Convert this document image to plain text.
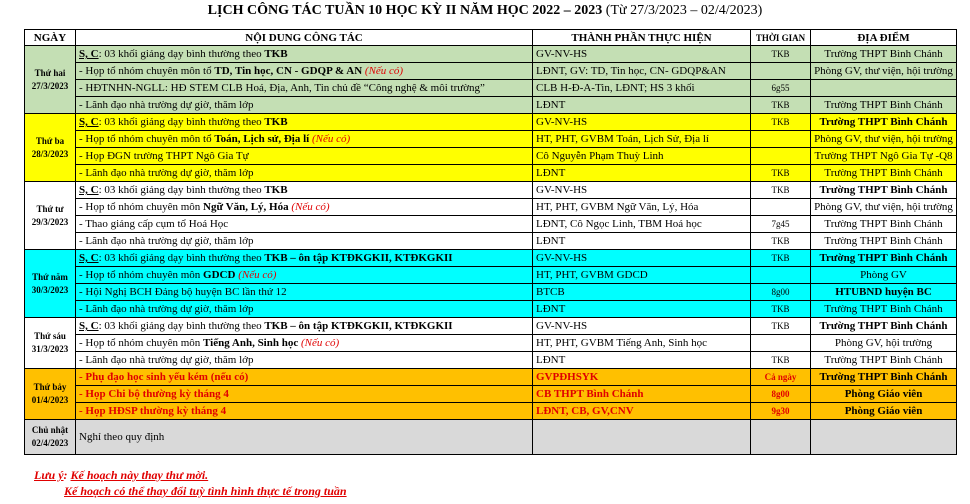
LỊCH CÔNG TÁC TUẦN 10 HỌC KỲ II NĂM HỌC 2022 – 2023 (Từ 27/3/2023 – 02/4/2023)
NGÀY	NỘI DUNG CÔNG TÁC	THÀNH PHẦN THỰC HIỆN	THỜI GIAN	ĐỊA ĐIỂM

Thứ hai
27/3/2023	S, C: 03 khối giảng dạy bình thường theo TKB	GV-NV-HS	TKB	Trường THPT Bình Chánh
	- Họp tổ nhóm chuyên môn tổ TD, Tin học, CN - GDQP & AN (Nếu có)	LĐNT, GV: TD, Tin học, CN- GDQP&AN		Phòng GV, thư viện, hội trường
	- HĐTNHN-NGLL: HĐ STEM CLB Hoá, Địa, Anh, Tin chủ đề “Công nghệ & môi trường”	CLB H-Đ-A-Tin, LĐNT; HS 3 khối	6g55	
	- Lãnh đạo nhà trường dự giờ, thăm lớp	LĐNT	TKB	Trường THPT Bình Chánh

Thứ ba
28/3/2023	S, C: 03 khối giảng dạy bình thường theo TKB	GV-NV-HS	TKB	Trường THPT Bình Chánh
	- Họp tổ nhóm chuyên môn tổ Toán, Lịch sử, Địa lí (Nếu có)	HT, PHT, GVBM Toán, Lịch Sử, Địa lí		Phòng GV, thư viện, hội trường
	- Họp ĐGN trường THPT Ngô Gia Tự	Cô Nguyễn Phạm Thuỳ Linh		Trường THPT Ngô Gia Tự -Q8
	- Lãnh đạo nhà trường dự giờ, thăm lớp	LĐNT	TKB	Trường THPT Bình Chánh

Thứ tư
29/3/2023	S, C: 03 khối giảng dạy bình thường theo TKB	GV-NV-HS	TKB	Trường THPT Bình Chánh
	- Họp tổ nhóm chuyên môn Ngữ Văn, Lý, Hóa (Nếu có)	HT, PHT, GVBM Ngữ Văn, Lý, Hóa		Phòng GV, thư viện, hội trường
	- Thao giảng cấp cụm tổ Hoá Học	LĐNT, Cô Ngọc Linh, TBM Hoá học	7g45	Trường THPT Bình Chánh
	- Lãnh đạo nhà trường dự giờ, thăm lớp	LĐNT	TKB	Trường THPT Bình Chánh

Thứ năm
30/3/2023	S, C: 03 khối giảng dạy bình thường theo TKB – ôn tập KTĐKGKII, KTĐKGKII	GV-NV-HS	TKB	Trường THPT Bình Chánh
	- Họp tổ nhóm chuyên môn GDCD (Nếu có)	HT, PHT, GVBM GDCD		Phòng GV
	- Hội Nghị BCH Đảng bộ huyện BC lần thứ 12	BTCB	8g00	HTUBND huyện BC
	- Lãnh đạo nhà trường dự giờ, thăm lớp	LĐNT	TKB	Trường THPT Bình Chánh

Thứ sáu
31/3/2023	S, C: 03 khối giảng dạy bình thường theo TKB – ôn tập KTĐKGKII, KTĐKGKII	GV-NV-HS	TKB	Trường THPT Bình Chánh
	- Họp tổ nhóm chuyên môn Tiếng Anh, Sinh học (Nếu có)	HT, PHT, GVBM Tiếng Anh, Sinh học		Phòng GV, hội trường
	- Lãnh đạo nhà trường dự giờ, thăm lớp	LĐNT	TKB	Trường THPT Bình Chánh

Thứ bảy
01/4/2023	- Phụ đạo học sinh yếu kém (nếu có)	GVPĐHSYK	Cả ngày	Trường THPT Bình Chánh
	- Họp Chi bộ thường kỳ tháng 4	CB THPT Bình Chánh	8g00	Phòng Giáo viên
	- Họp HĐSP thường kỳ tháng 4	LĐNT, CB, GV,CNV	9g30	Phòng Giáo viên

Chủ nhật
02/4/2023	Nghỉ theo quy định			
Lưu ý: Kế hoạch này thay thư mời.
Kế hoạch có thể thay đổi tuỳ tình hình thực tế trong tuần
